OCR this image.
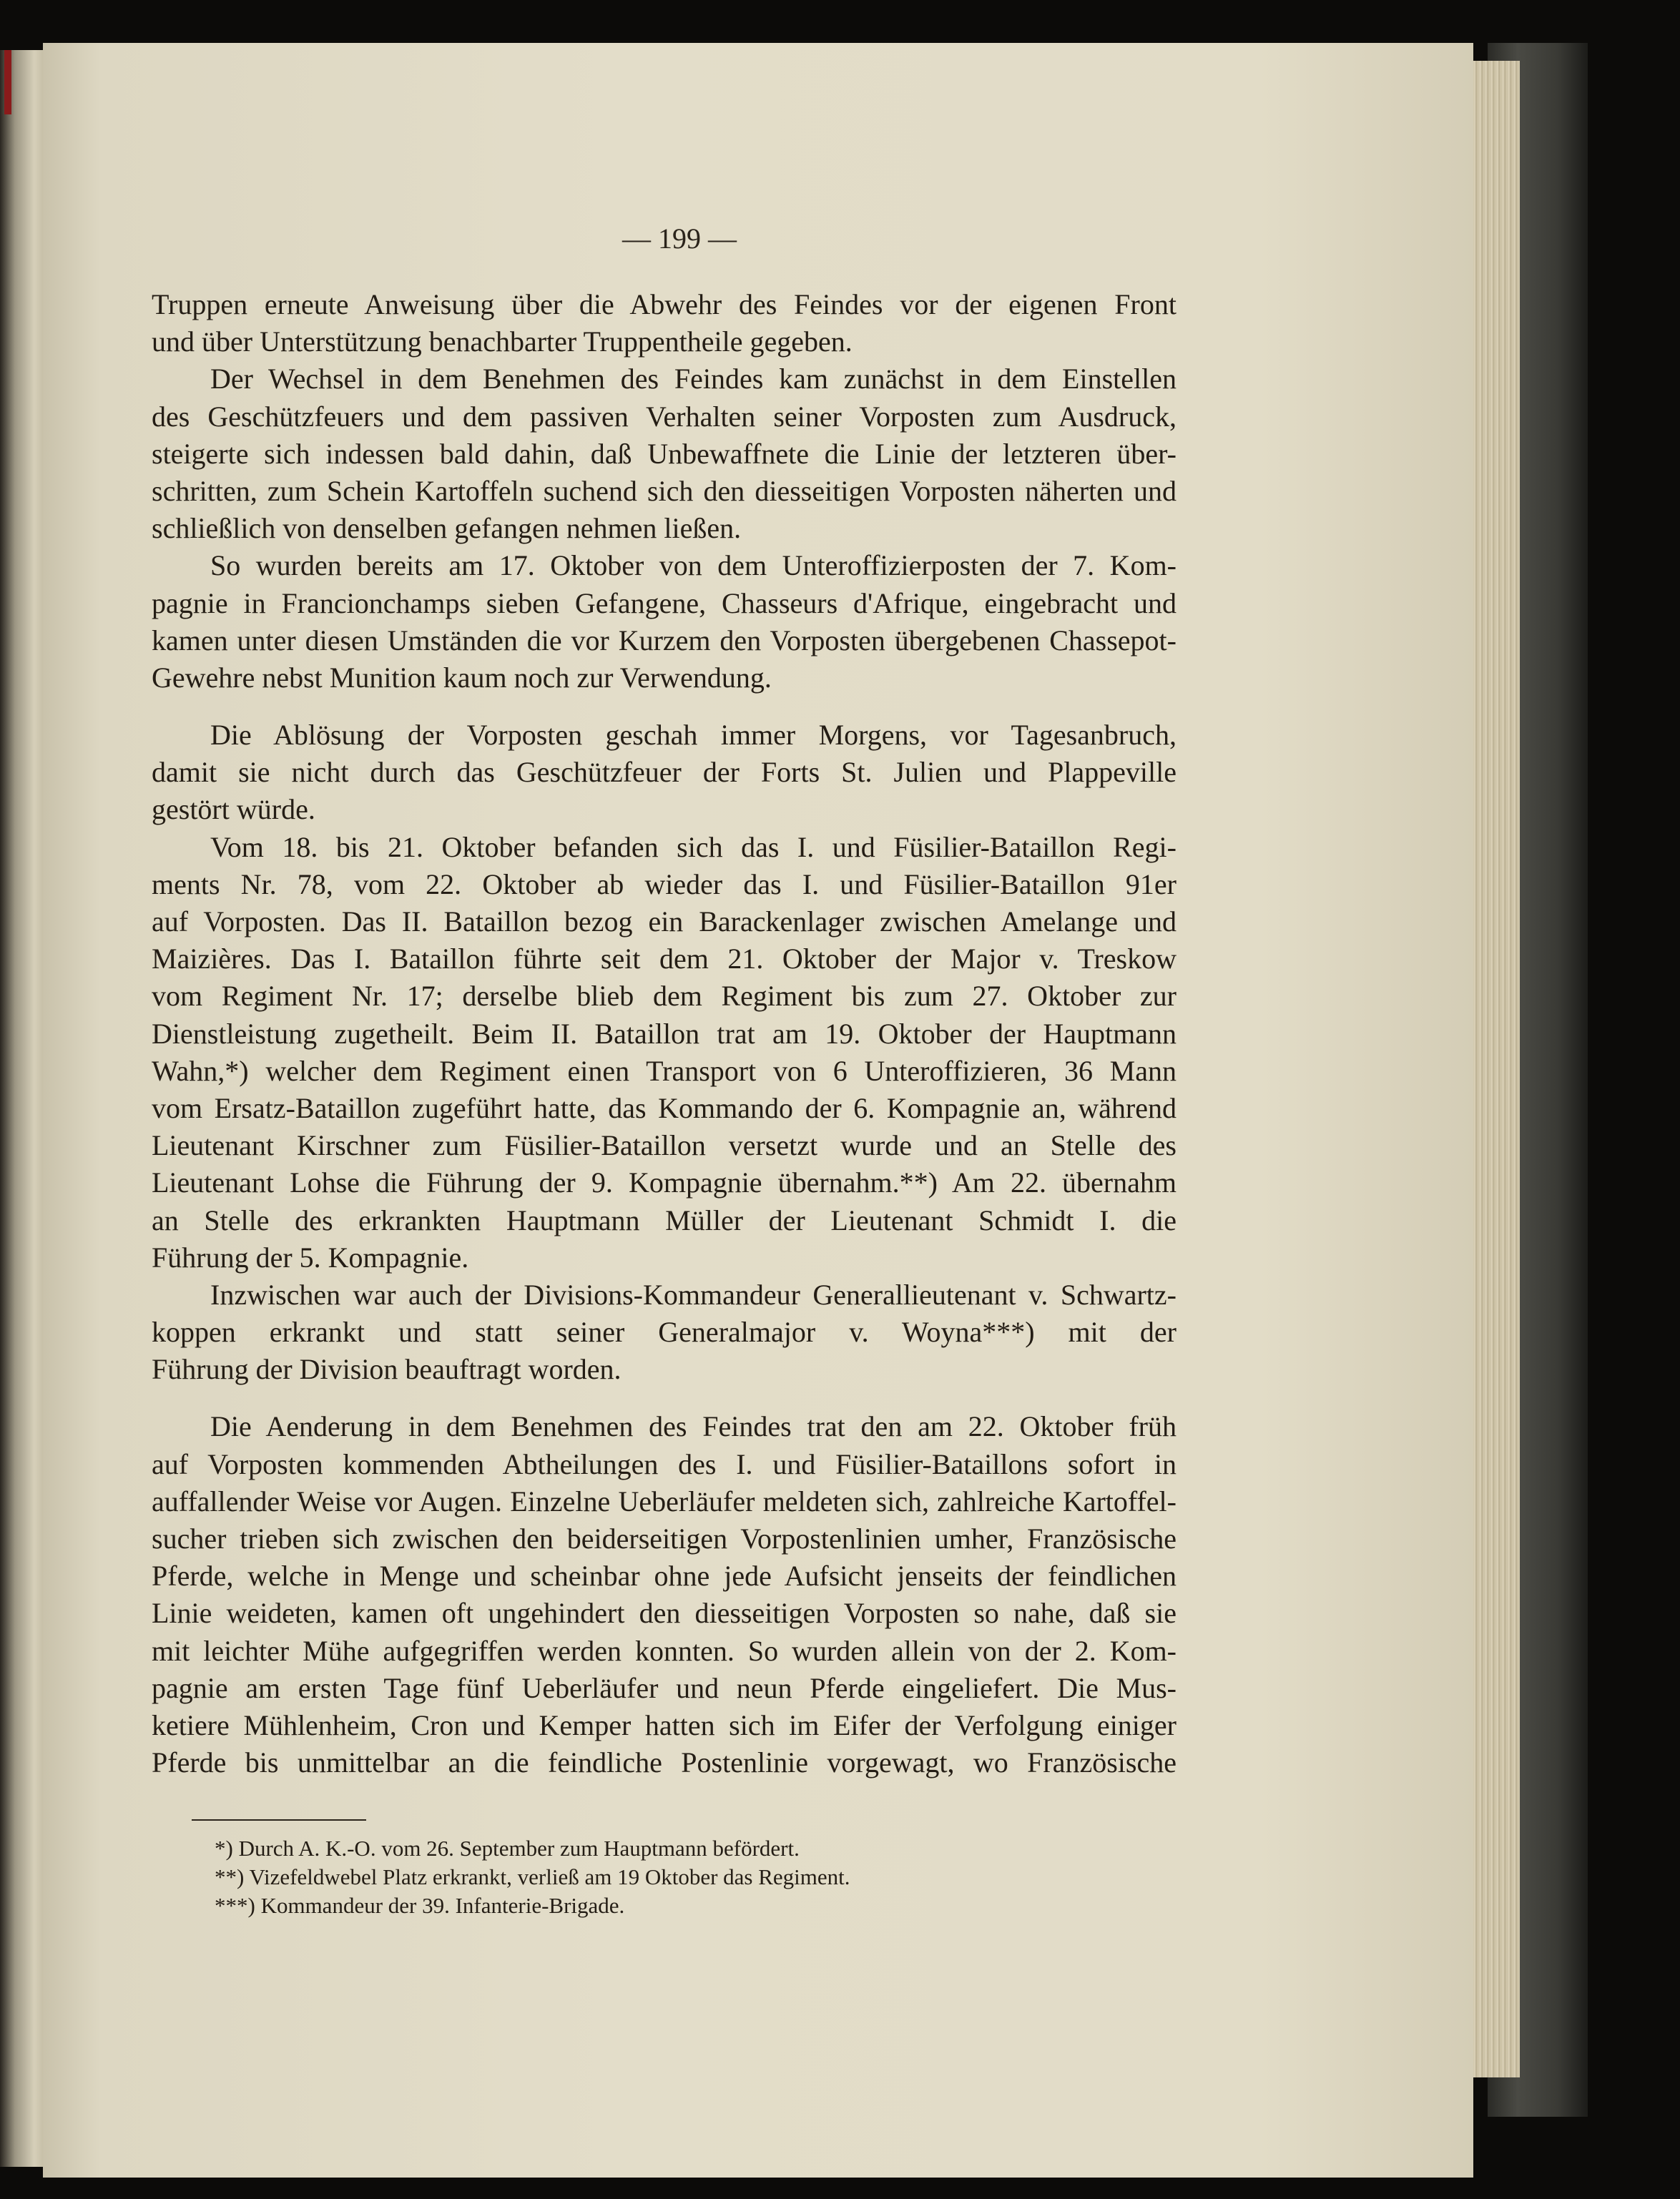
— 199 —
Truppen erneute Anweisung über die Abwehr des Feindes vor der eigenen Front
und über Unterstützung benachbarter Truppentheile gegeben.
Der Wechsel in dem Benehmen des Feindes kam zunächst in dem Einstellen
des Geschützfeuers und dem passiven Verhalten seiner Vorposten zum Ausdruck,
steigerte sich indessen bald dahin, daß Unbewaffnete die Linie der letzteren über-
schritten, zum Schein Kartoffeln suchend sich den diesseitigen Vorposten näherten und
schließlich von denselben gefangen nehmen ließen.
So wurden bereits am 17. Oktober von dem Unteroffizierposten der 7. Kom-
pagnie in Francionchamps sieben Gefangene, Chasseurs d'Afrique, eingebracht und
kamen unter diesen Umständen die vor Kurzem den Vorposten übergebenen Chassepot-
Gewehre nebst Munition kaum noch zur Verwendung.
Die Ablösung der Vorposten geschah immer Morgens, vor Tagesanbruch,
damit sie nicht durch das Geschützfeuer der Forts St. Julien und Plappeville
gestört würde.
Vom 18. bis 21. Oktober befanden sich das I. und Füsilier-Bataillon Regi-
ments Nr. 78, vom 22. Oktober ab wieder das I. und Füsilier-Bataillon 91er
auf Vorposten. Das II. Bataillon bezog ein Barackenlager zwischen Amelange und
Maizières. Das I. Bataillon führte seit dem 21. Oktober der Major v. Treskow
vom Regiment Nr. 17; derselbe blieb dem Regiment bis zum 27. Oktober zur
Dienstleistung zugetheilt. Beim II. Bataillon trat am 19. Oktober der Hauptmann
Wahn,*) welcher dem Regiment einen Transport von 6 Unteroffizieren, 36 Mann
vom Ersatz-Bataillon zugeführt hatte, das Kommando der 6. Kompagnie an, während
Lieutenant Kirschner zum Füsilier-Bataillon versetzt wurde und an Stelle des
Lieutenant Lohse die Führung der 9. Kompagnie übernahm.**) Am 22. übernahm
an Stelle des erkrankten Hauptmann Müller der Lieutenant Schmidt I. die
Führung der 5. Kompagnie.
Inzwischen war auch der Divisions-Kommandeur Generallieutenant v. Schwartz-
koppen erkrankt und statt seiner Generalmajor v. Woyna***) mit der
Führung der Division beauftragt worden.
Die Aenderung in dem Benehmen des Feindes trat den am 22. Oktober früh
auf Vorposten kommenden Abtheilungen des I. und Füsilier-Bataillons sofort in
auffallender Weise vor Augen. Einzelne Ueberläufer meldeten sich, zahlreiche Kartoffel-
sucher trieben sich zwischen den beiderseitigen Vorpostenlinien umher, Französische
Pferde, welche in Menge und scheinbar ohne jede Aufsicht jenseits der feindlichen
Linie weideten, kamen oft ungehindert den diesseitigen Vorposten so nahe, daß sie
mit leichter Mühe aufgegriffen werden konnten. So wurden allein von der 2. Kom-
pagnie am ersten Tage fünf Ueberläufer und neun Pferde eingeliefert. Die Mus-
ketiere Mühlenheim, Cron und Kemper hatten sich im Eifer der Verfolgung einiger
Pferde bis unmittelbar an die feindliche Postenlinie vorgewagt, wo Französische
*) Durch A. K.-O. vom 26. September zum Hauptmann befördert.
**) Vizefeldwebel Platz erkrankt, verließ am 19 Oktober das Regiment.
***) Kommandeur der 39. Infanterie-Brigade.
